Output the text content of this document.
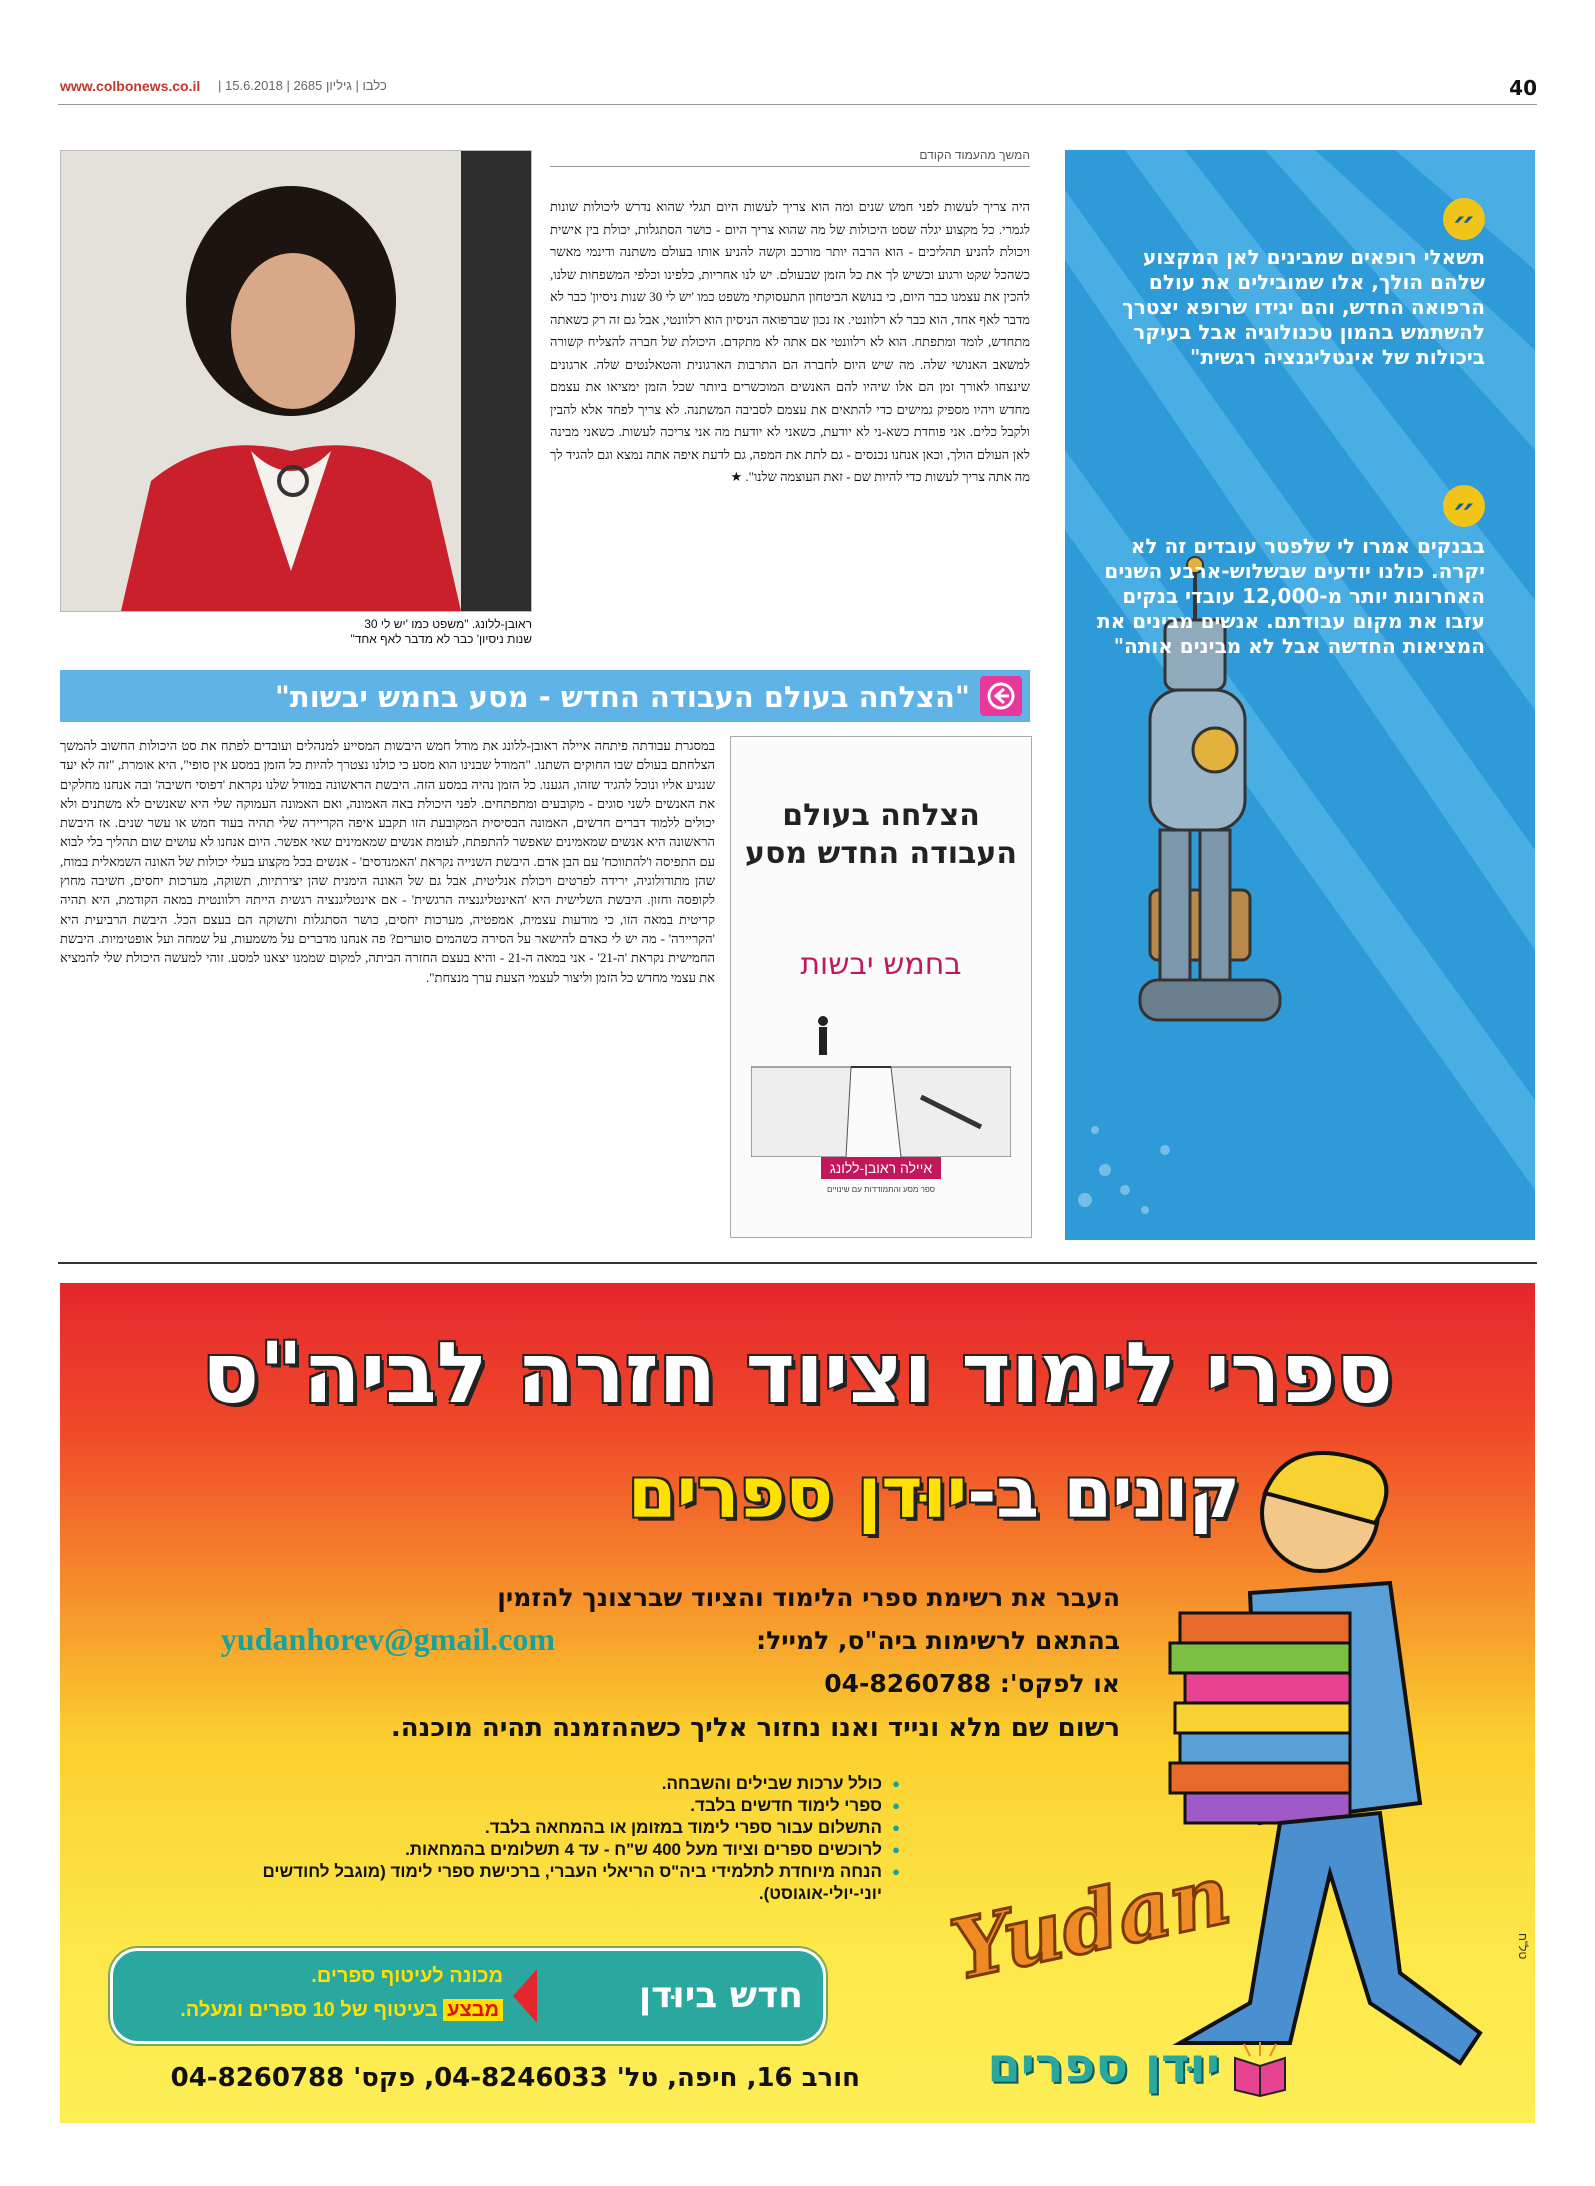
www.colbonews.co.il | כלבו | גיליון 2685 | 15.6.2018	40
ראובן-ללונג. "משפט כמו 'יש לי 30
שנות ניסיון' כבר לא מדבר לאף אחד"
המשך מהעמוד הקודם
היה צריך לעשות לפני חמש שנים ומה הוא צריך לעשות היום תגלי שהוא נדרש ליכולות שונות לגמרי. כל מקצוע יגלה שסט היכולות של מה שהוא צריך היום - כושר הסתגלות, יכולת בין אישית ויכולת להניע תהליכים - הוא הרבה יותר מורכב וקשה להניע אותו בעולם משתנה ודינמי מאשר כשהכל שקט ורגוע וכשיש לך את כל הזמן שבעולם. יש לנו אחריות, כלפינו וכלפי המשפחות שלנו, להכין את עצמנו כבר היום, כי בנושא הביטחון התעסוקתי משפט כמו 'יש לי 30 שנות ניסיון' כבר לא מדבר לאף אחד, הוא כבר לא רלוונטי. אז נכון שברפואה הניסיון הוא רלוונטי, אבל גם זה רק כשאתה מתחדש, לומד ומתפתח. הוא לא רלוונטי אם אתה לא מתקדם. היכולת של חברה להצליח קשורה למשאב האנושי שלה. מה שיש היום לחברה הם התרבות הארגונית והטאלנטים שלה. ארגונים שינצחו לאורך זמן הם אלו שיהיו להם האנשים המוכשרים ביותר שכל הזמן ימציאו את עצמם מחדש ויהיו מספיק גמישים כדי להתאים את עצמם לסביבה המשתנה. לא צריך לפחד אלא להבין ולקבל כלים. אני פוחדת כשא-ני לא יודעת, כשאני לא יודעת מה אני צריכה לעשות. כשאני מבינה לאן העולם הולך, וכאן אנחנו נכנסים - גם לתת את המפה, גם לדעת איפה אתה נמצא וגם להגיד לך מה אתה צריך לעשות כדי להיות שם - זאת העוצמה שלנו". ★
"הצלחה בעולם העבודה החדש - מסע בחמש יבשות"
הצלחה בעולם העבודה החדש מסע
בחמש יבשות
איילה ראובן-ללונג
ספר מסע והתמודדות עם שינויים
במסגרת עבודתה פיתחה איילה ראובן-ללונג את מודל חמש היבשות המסייע למנהלים ועובדים לפתח את סט היכולות החשוב להמשך הצלחתם בעולם שבו החוקים השתנו. "המודל שבנינו הוא מסע כי כולנו נצטרך להיות כל הזמן במסע אין סופי", היא אומרת, "זה לא יעד שנגיע אליו ונוכל להגיד שזהו, הגענו. כל הזמן נהיה במסע הזה. היבשת הראשונה במודל שלנו נקראת 'דפוסי חשיבה' ובה אנחנו מחלקים את האנשים לשני סוגים - מקובעים ומתפתחים. לפני היכולת באה האמונה, ואם האמונה העמוקה שלי היא שאנשים לא משתנים ולא יכולים ללמוד דברים חדשים, האמונה הבסיסית המקובעת הזו תקבע איפה הקריירה שלי תהיה בעוד חמש או עשר שנים. אז היבשת הראשונה היא אנשים שמאמינים שאפשר להתפתח, לעומת אנשים שמאמינים שאי אפשר. היום אנחנו לא עושים שום תהליך בלי לבוא עם התפיסה ו'להתווכח' עם הבן אדם. היבשת השנייה נקראת 'האמנדסים' - אנשים בכל מקצוע בעלי יכולות של האונה השמאלית במוח, שהן מתודולוגיה, ירידה לפרטים ויכולת אנליטית, אבל גם של האונה הימנית שהן יצירתיות, תשוקה, מערכות יחסים, חשיבה מחוץ לקופסה וחזון. היבשת השלישית היא 'האינטליגנציה הרגשית' - אם אינטליגנציה רגשית הייתה רלוונטית במאה הקודמת, היא תהיה קריטית במאה הזו, כי מודעות עצמית, אמפטיה, מערכות יחסים, כושר הסתגלות ותשוקה הם בעצם הכל. היבשת הרביעית היא 'הקריירה' - מה יש לי כאדם להישאר על הסירה כשהמים סוערים? פה אנחנו מדברים על משמעות, על שמחה ועל אופטימיות. היבשת החמישית נקראת 'ה-21' - אני במאה ה-21 - והיא בעצם החזרה הביתה, למקום שממנו יצאנו למסע. זוהי למעשה היכולת שלי להמציא את עצמי מחדש כל הזמן וליצור לעצמי הצעת ערך מנצחת".
״
תשאלי רופאים שמבינים לאן המקצוע שלהם הולך, אלו שמובילים את עולם הרפואה החדש, והם יגידו שרופא יצטרך להשתמש בהמון טכנולוגיה אבל בעיקר ביכולות של אינטליגנציה רגשית"
״
בבנקים אמרו לי שלפטר עובדים זה לא יקרה. כולנו יודעים שבשלוש-ארבע השנים האחרונות יותר מ-12,000 עובדי בנקים עזבו את מקום עבודתם. אנשים מבינים את המציאות החדשה אבל לא מבינים אותה"
ספרי לימוד וציוד חזרה לביה"ס
קונים ב-יוּדן ספרים
העבר את רשימת ספרי הלימוד והציוד שברצונך להזמין
בהתאם לרשימות ביה"ס, למייל:
yudanhorev@gmail.com
או לפקס': 04-8260788
רשום שם מלא ונייד ואנו נחזור אליך כשההזמנה תהיה מוכנה.
● כולל ערכות שבילים והשבחה.
● ספרי לימוד חדשים בלבד.
● התשלום עבור ספרי לימוד במזומן או בהמחאה בלבד.
● לרוכשים ספרים וציוד מעל 400 ש"ח - עד 4 תשלומים בהמחאות.
● הנחה מיוחדת לתלמידי ביה"ס הריאלי העברי, ברכישת ספרי לימוד (מוגבל לחודשים יוני-יולי-אוגוסט).
חדש ביוּדן
מכונה לעיטוף ספרים.
מבצע בעיטוף של 10 ספרים ומעלה.
חורב 16, חיפה, טל' 04-8246033, פקס' 04-8260788
Yudan
יוּדן ספרים
טל"ח
